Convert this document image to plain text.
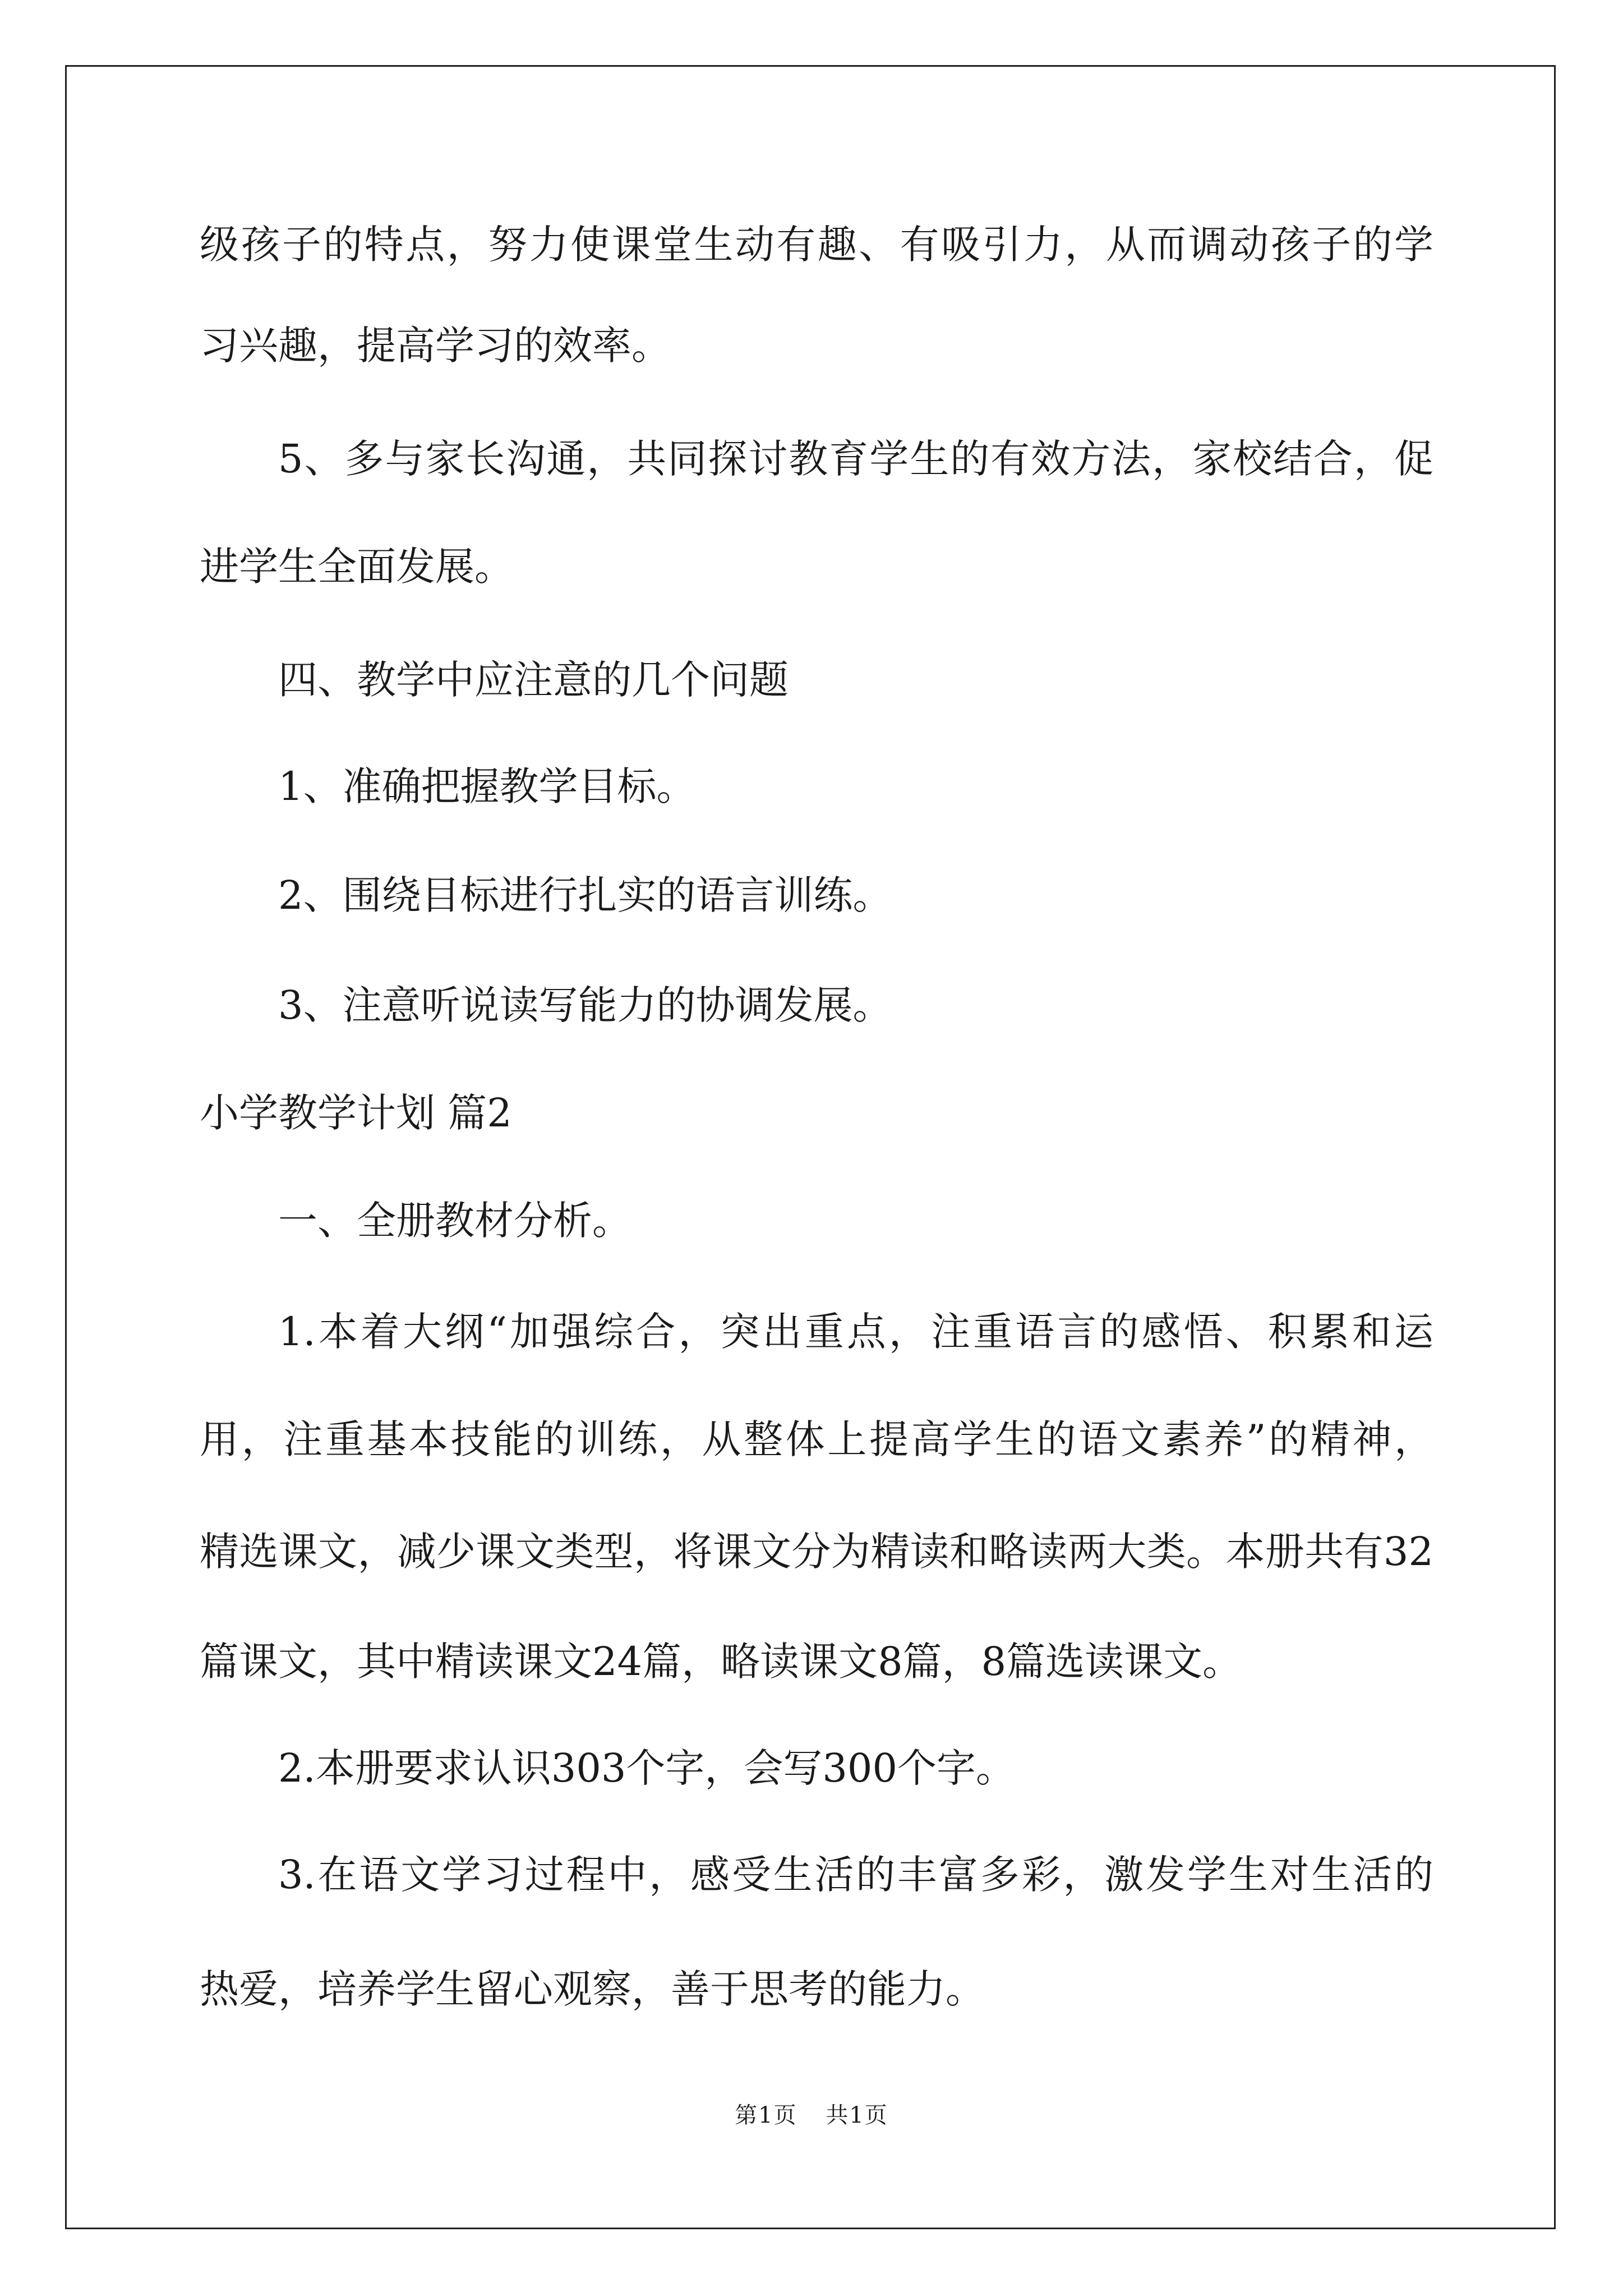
级孩子的特点，努力使课堂生动有趣、有吸引力，从而调动孩子的学
习兴趣，提高学习的效率。
5、多与家长沟通，共同探讨教育学生的有效方法，家校结合，促
进学生全面发展。
四、教学中应注意的几个问题
1、准确把握教学目标。
2、围绕目标进行扎实的语言训练。
3、注意听说读写能力的协调发展。
小学教学计划 篇2
一、全册教材分析。
1.本着大纲“加强综合，突出重点，注重语言的感悟、积累和运
用，注重基本技能的训练，从整体上提高学生的语文素养”的精神，
精选课文，减少课文类型，将课文分为精读和略读两大类。本册共有32
篇课文，其中精读课文24篇，略读课文8篇，8篇选读课文。
2.本册要求认识303个字，会写300个字。
3.在语文学习过程中，感受生活的丰富多彩，激发学生对生活的
热爱，培养学生留心观察，善于思考的能力。
第1页 共1页
